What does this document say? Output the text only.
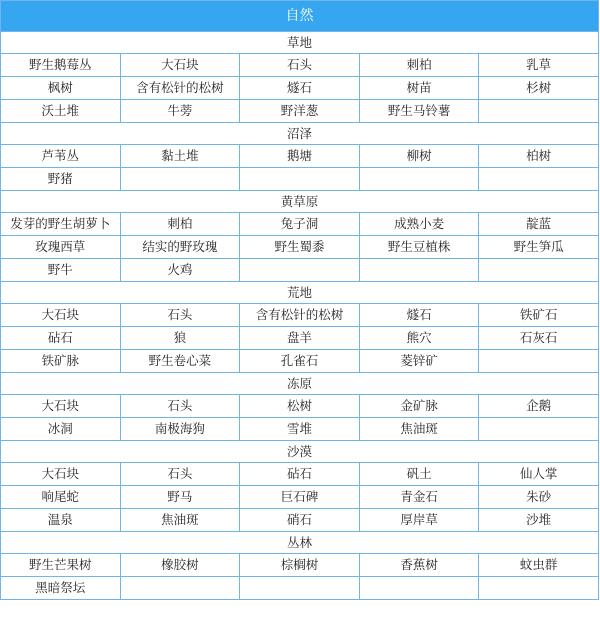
自然
草地
野生鹅莓丛	大石块	石头	刺柏	乳草
枫树	含有松针的松树	燧石	树苗	杉树
沃土堆	牛蒡	野洋葱	野生马铃薯
沼泽
芦苇丛	黏土堆	鹅塘	柳树	柏树
野猪
黄草原
发芽的野生胡萝卜	刺柏	兔子洞	成熟小麦	靛蓝
玫瑰西草	结实的野玫瑰	野生蜀黍	野生豆植株	野生笋瓜
野牛	火鸡
荒地
大石块	石头	含有松针的松树	燧石	铁矿石
砧石	狼	盘羊	熊穴	石灰石
铁矿脉	野生卷心菜	孔雀石	菱锌矿
冻原
大石块	石头	松树	金矿脉	企鹅
冰洞	南极海狗	雪堆	焦油斑
沙漠
大石块	石头	砧石	矾土	仙人掌
响尾蛇	野马	巨石碑	青金石	朱砂
温泉	焦油斑	硝石	厚岸草	沙堆
丛林
野生芒果树	橡胶树	棕榈树	香蕉树	蚊虫群
黑暗祭坛
